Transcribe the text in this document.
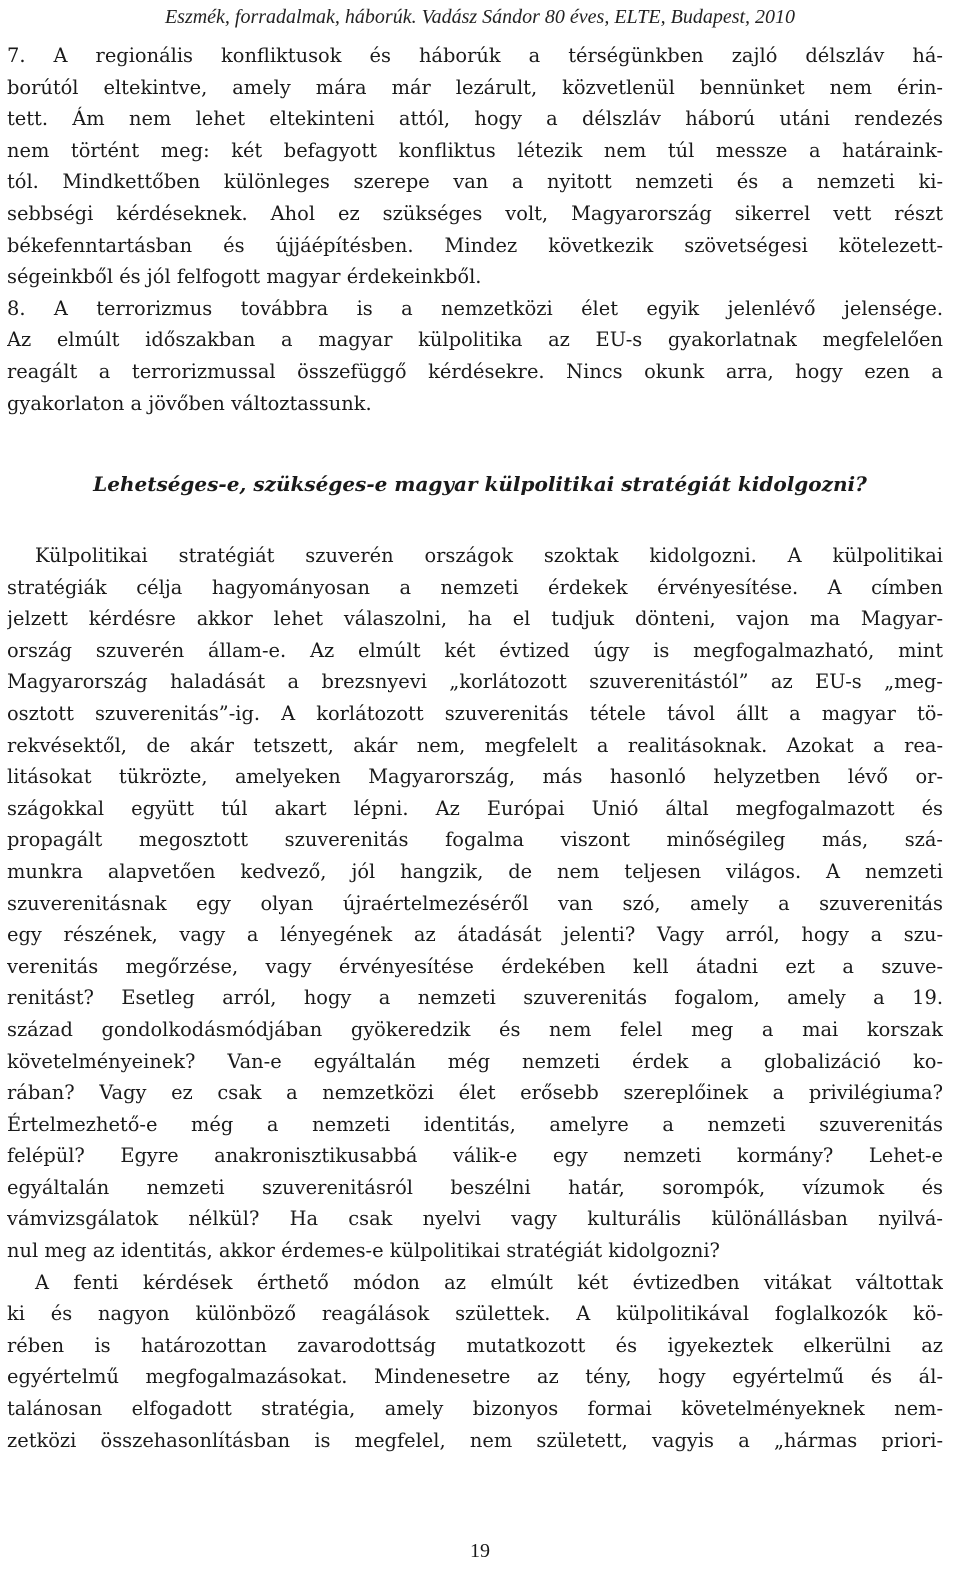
Eszmék, forradalmak, háborúk. Vadász Sándor 80 éves, ELTE, Budapest, 2010
7. A regionális konfliktusok és háborúk a térségünkben zajló délszláv há-
borútól eltekintve, amely mára már lezárult, közvetlenül bennünket nem érin-
tett. Ám nem lehet eltekinteni attól, hogy a délszláv háború utáni rendezés
nem történt meg: két befagyott konfliktus létezik nem túl messze a határaink-
tól. Mindkettőben különleges szerepe van a nyitott nemzeti és a nemzeti ki-
sebbségi kérdéseknek. Ahol ez szükséges volt, Magyarország sikerrel vett részt
békefenntartásban és újjáépítésben. Mindez következik szövetségesi kötelezett-
ségeinkből és jól felfogott magyar érdekeinkből.
8. A terrorizmus továbbra is a nemzetközi élet egyik jelenlévő jelensége.
Az elmúlt időszakban a magyar külpolitika az EU-s gyakorlatnak megfelelően
reagált a terrorizmussal összefüggő kérdésekre. Nincs okunk arra, hogy ezen a
gyakorlaton a jövőben változtassunk.
Lehetséges-e, szükséges-e magyar külpolitikai stratégiát kidolgozni?
Külpolitikai stratégiát szuverén országok szoktak kidolgozni. A külpolitikai
stratégiák célja hagyományosan a nemzeti érdekek érvényesítése. A címben
jelzett kérdésre akkor lehet válaszolni, ha el tudjuk dönteni, vajon ma Magyar-
ország szuverén állam-e. Az elmúlt két évtized úgy is megfogalmazható, mint
Magyarország haladását a brezsnyevi „korlátozott szuverenitástól” az EU-s „meg-
osztott szuverenitás”-ig. A korlátozott szuverenitás tétele távol állt a magyar tö-
rekvésektől, de akár tetszett, akár nem, megfelelt a realitásoknak. Azokat a rea-
litásokat tükrözte, amelyeken Magyarország, más hasonló helyzetben lévő or-
szágokkal együtt túl akart lépni. Az Európai Unió által megfogalmazott és
propagált megosztott szuverenitás fogalma viszont minőségileg más, szá-
munkra alapvetően kedvező, jól hangzik, de nem teljesen világos. A nemzeti
szuverenitásnak egy olyan újraértelmezéséről van szó, amely a szuverenitás
egy részének, vagy a lényegének az átadását jelenti? Vagy arról, hogy a szu-
verenitás megőrzése, vagy érvényesítése érdekében kell átadni ezt a szuve-
renitást? Esetleg arról, hogy a nemzeti szuverenitás fogalom, amely a 19.
század gondolkodásmódjában gyökeredzik és nem felel meg a mai korszak
követelményeinek? Van-e egyáltalán még nemzeti érdek a globalizáció ko-
rában? Vagy ez csak a nemzetközi élet erősebb szereplőinek a privilégiuma?
Értelmezhető-e még a nemzeti identitás, amelyre a nemzeti szuverenitás
felépül? Egyre anakronisztikusabbá válik-e egy nemzeti kormány? Lehet-e
egyáltalán nemzeti szuverenitásról beszélni határ, sorompók, vízumok és
vámvizsgálatok nélkül? Ha csak nyelvi vagy kulturális különállásban nyilvá-
nul meg az identitás, akkor érdemes-e külpolitikai stratégiát kidolgozni?
A fenti kérdések érthető módon az elmúlt két évtizedben vitákat váltottak
ki és nagyon különböző reagálások születtek. A külpolitikával foglalkozók kö-
rében is határozottan zavarodottság mutatkozott és igyekeztek elkerülni az
egyértelmű megfogalmazásokat. Mindenesetre az tény, hogy egyértelmű és ál-
talánosan elfogadott stratégia, amely bizonyos formai követelményeknek nem-
zetközi összehasonlításban is megfelel, nem született, vagyis a „hármas priori-
19
